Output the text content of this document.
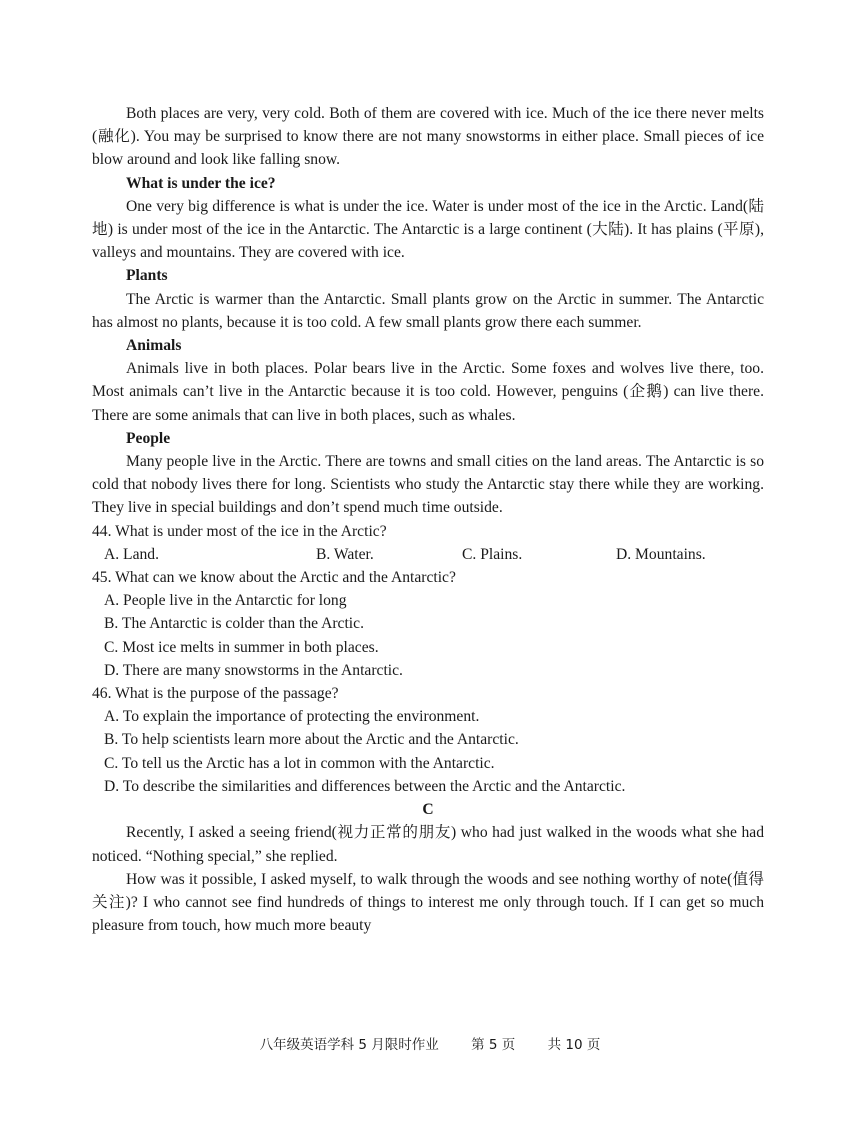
Both places are very, very cold. Both of them are covered with ice. Much of the ice there never melts (融化). You may be surprised to know there are not many snowstorms in either place. Small pieces of ice blow around and look like falling snow.

What is under the ice?

One very big difference is what is under the ice. Water is under most of the ice in the Arctic. Land(陆地) is under most of the ice in the Antarctic. The Antarctic is a large continent (大陆). It has plains (平原), valleys and mountains. They are covered with ice.

Plants

The Arctic is warmer than the Antarctic. Small plants grow on the Arctic in summer. The Antarctic has almost no plants, because it is too cold. A few small plants grow there each summer.

Animals

Animals live in both places. Polar bears live in the Arctic. Some foxes and wolves live there, too. Most animals can’t live in the Antarctic because it is too cold. However, penguins (企鹅) can live there. There are some animals that can live in both places, such as whales.

People

Many people live in the Arctic. There are towns and small cities on the land areas. The Antarctic is so cold that nobody lives there for long. Scientists who study the Antarctic stay there while they are working. They live in special buildings and don’t spend much time outside.

44. What is under most of the ice in the Arctic?

A. Land.	B. Water.	C. Plains.	D. Mountains.

45. What can we know about the Arctic and the Antarctic?

A. People live in the Antarctic for long

B. The Antarctic is colder than the Arctic.

C. Most ice melts in summer in both places.

D. There are many snowstorms in the Antarctic.

46. What is the purpose of the passage?

A. To explain the importance of protecting the environment.

B. To help scientists learn more about the Arctic and the Antarctic.

C. To tell us the Arctic has a lot in common with the Antarctic.

D. To describe the similarities and differences between the Arctic and the Antarctic.

C

Recently, I asked a seeing friend(视力正常的朋友) who had just walked in the woods what she had noticed. “Nothing special,” she replied.

How was it possible, I asked myself, to walk through the woods and see nothing worthy of note(值得关注)? I who cannot see find hundreds of things to interest me only through touch. If I can get so much pleasure from touch, how much more beauty

八年级英语学科 5 月限时作业 第 5 页 共 10 页
